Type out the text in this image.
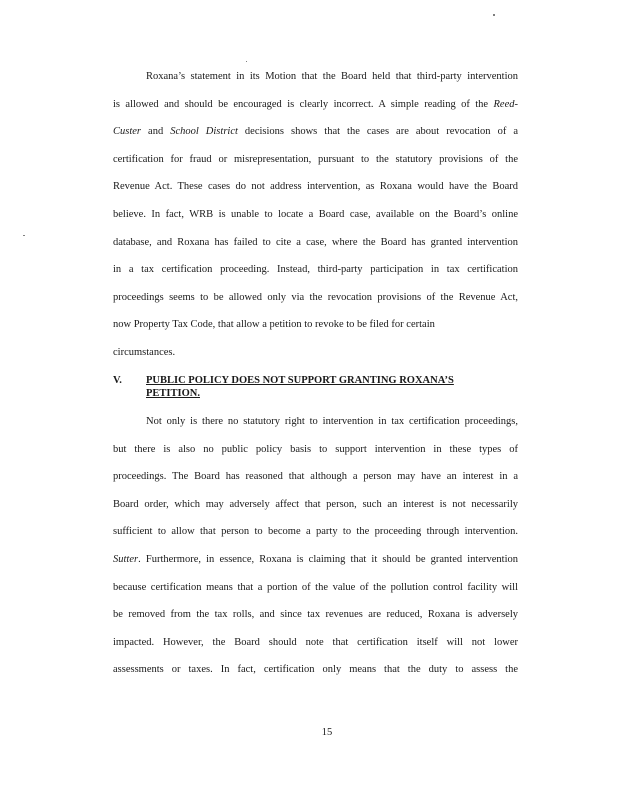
Roxana’s statement in its Motion that the Board held that third-party intervention
is allowed and should be encouraged is clearly incorrect. A simple reading of the Reed-
Custer and School District decisions shows that the cases are about revocation of a
certification for fraud or misrepresentation, pursuant to the statutory provisions of the
Revenue Act. These cases do not address intervention, as Roxana would have the Board
believe. In fact, WRB is unable to locate a Board case, available on the Board’s online
database, and Roxana has failed to cite a case, where the Board has granted intervention
in a tax certification proceeding. Instead, third-party participation in tax certification
proceedings seems to be allowed only via the revocation provisions of the Revenue Act,
now Property Tax Code, that allow a petition to revoke to be filed for certain
circumstances.
V. PUBLIC POLICY DOES NOT SUPPORT GRANTING ROXANA’S
PETITION.
Not only is there no statutory right to intervention in tax certification proceedings,
but there is also no public policy basis to support intervention in these types of
proceedings. The Board has reasoned that although a person may have an interest in a
Board order, which may adversely affect that person, such an interest is not necessarily
sufficient to allow that person to become a party to the proceeding through intervention.
Sutter. Furthermore, in essence, Roxana is claiming that it should be granted intervention
because certification means that a portion of the value of the pollution control facility will
be removed from the tax rolls, and since tax revenues are reduced, Roxana is adversely
impacted. However, the Board should note that certification itself will not lower
assessments or taxes. In fact, certification only means that the duty to assess the
15
